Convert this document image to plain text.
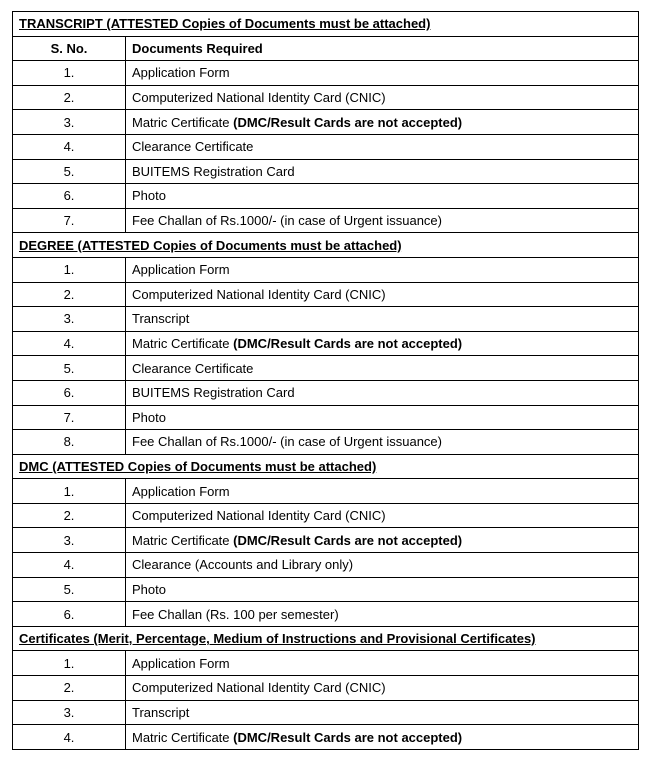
TRANSCRIPT (ATTESTED Copies of Documents must be attached)	
S. No.	Documents Required
1.	Application Form
2.	Computerized National Identity Card (CNIC)
3.	Matric Certificate (DMC/Result Cards are not accepted)
4.	Clearance Certificate
5.	BUITEMS Registration Card
6.	Photo
7.	Fee Challan of Rs.1000/- (in case of Urgent issuance)
DEGREE (ATTESTED Copies of Documents must be attached)	
1.	Application Form
2.	Computerized National Identity Card (CNIC)
3.	Transcript
4.	Matric Certificate (DMC/Result Cards are not accepted)
5.	Clearance Certificate
6.	BUITEMS Registration Card
7.	Photo
8.	Fee Challan of Rs.1000/- (in case of Urgent issuance)
DMC (ATTESTED Copies of Documents must be attached)	
1.	Application Form
2.	Computerized National Identity Card (CNIC)
3.	Matric Certificate (DMC/Result Cards are not accepted)
4.	Clearance (Accounts and Library only)
5.	Photo
6.	Fee Challan (Rs. 100 per semester)
Certificates (Merit, Percentage, Medium of Instructions and Provisional Certificates)	
1.	Application Form
2.	Computerized National Identity Card (CNIC)
3.	Transcript
4.	Matric Certificate (DMC/Result Cards are not accepted)
